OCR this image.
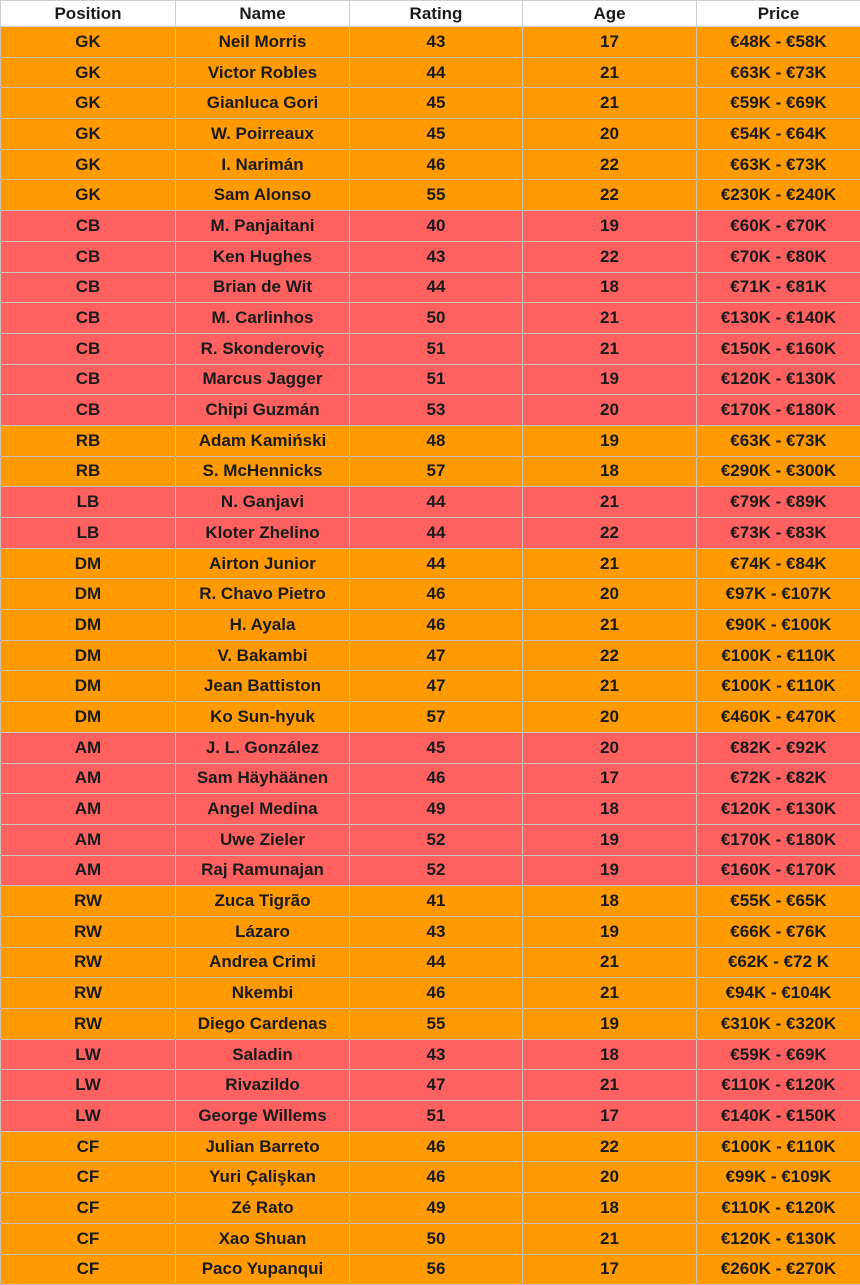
Position	Name	Rating	Age	Price
GK	Neil Morris	43	17	€48K - €58K
GK	Victor Robles	44	21	€63K - €73K
GK	Gianluca Gori	45	21	€59K - €69K
GK	W. Poirreaux	45	20	€54K - €64K
GK	I. Narimán	46	22	€63K - €73K
GK	Sam Alonso	55	22	€230K - €240K
CB	M. Panjaitani	40	19	€60K - €70K
CB	Ken Hughes	43	22	€70K - €80K
CB	Brian de Wit	44	18	€71K - €81K
CB	M. Carlinhos	50	21	€130K - €140K
CB	R. Skonderoviç	51	21	€150K - €160K
CB	Marcus Jagger	51	19	€120K - €130K
CB	Chipi Guzmán	53	20	€170K - €180K
RB	Adam Kamiński	48	19	€63K - €73K
RB	S. McHennicks	57	18	€290K - €300K
LB	N. Ganjavi	44	21	€79K - €89K
LB	Kloter Zhelino	44	22	€73K - €83K
DM	Airton Junior	44	21	€74K - €84K
DM	R. Chavo Pietro	46	20	€97K - €107K
DM	H. Ayala	46	21	€90K - €100K
DM	V. Bakambi	47	22	€100K - €110K
DM	Jean Battiston	47	21	€100K - €110K
DM	Ko Sun-hyuk	57	20	€460K - €470K
AM	J. L. González	45	20	€82K - €92K
AM	Sam Häyhäänen	46	17	€72K - €82K
AM	Angel Medina	49	18	€120K - €130K
AM	Uwe Zieler	52	19	€170K - €180K
AM	Raj Ramunajan	52	19	€160K - €170K
RW	Zuca Tigrão	41	18	€55K - €65K
RW	Lázaro	43	19	€66K - €76K
RW	Andrea Crimi	44	21	€62K - €72 K
RW	Nkembi	46	21	€94K - €104K
RW	Diego Cardenas	55	19	€310K - €320K
LW	Saladin	43	18	€59K - €69K
LW	Rivazildo	47	21	€110K - €120K
LW	George Willems	51	17	€140K - €150K
CF	Julian Barreto	46	22	€100K - €110K
CF	Yuri Çalişkan	46	20	€99K - €109K
CF	Zé Rato	49	18	€110K - €120K
CF	Xao Shuan	50	21	€120K - €130K
CF	Paco Yupanqui	56	17	€260K - €270K
